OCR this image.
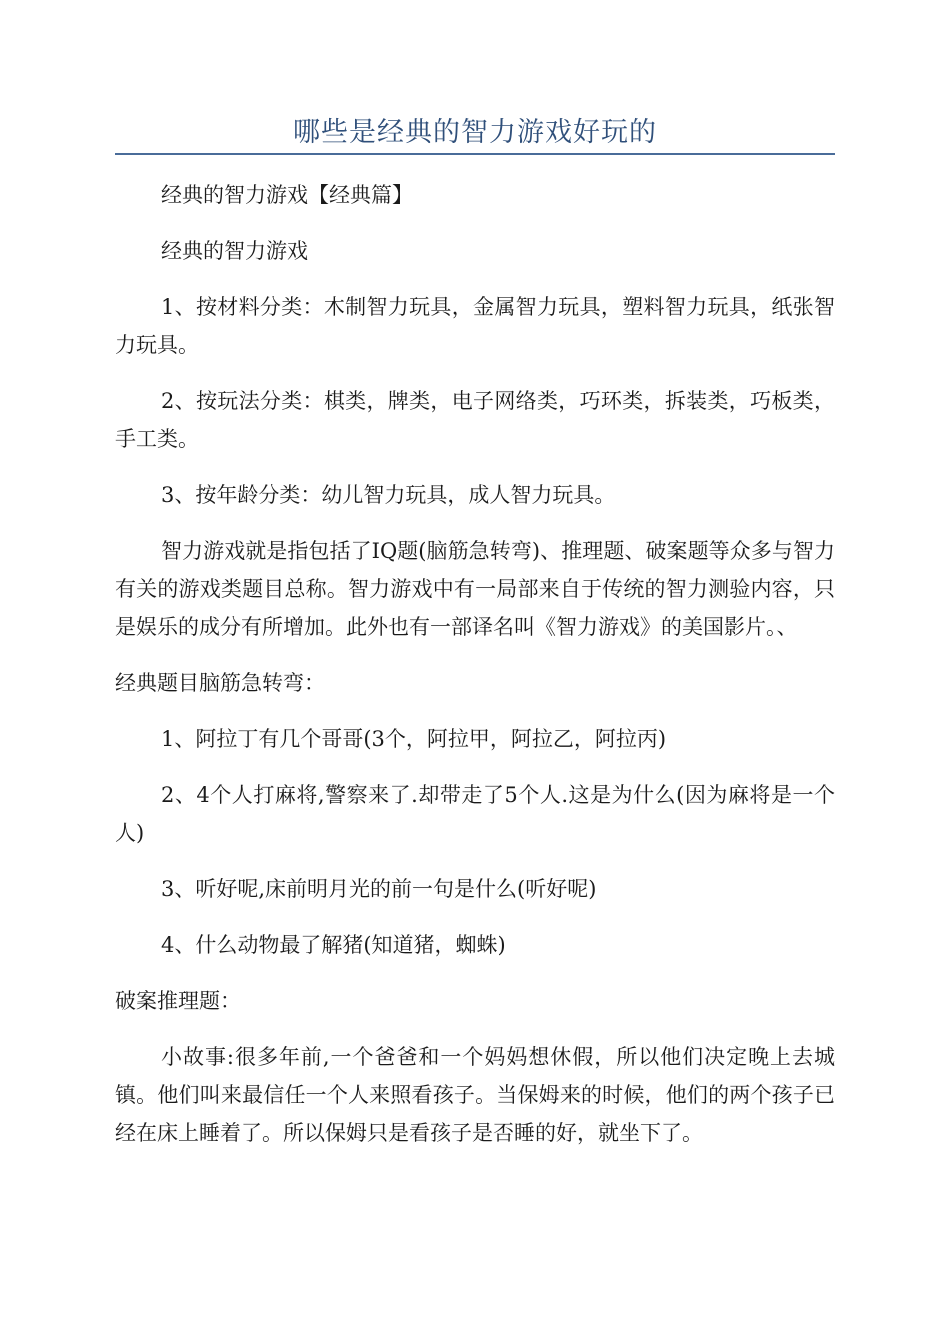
哪些是经典的智力游戏好玩的

经典的智力游戏【经典篇】

经典的智力游戏

1、按材料分类：木制智力玩具，金属智力玩具，塑料智力玩具，纸张智力玩具。

2、按玩法分类：棋类，牌类，电子网络类，巧环类，拆装类，巧板类，手工类。

3、按年龄分类：幼儿智力玩具，成人智力玩具。

智力游戏就是指包括了IQ题(脑筋急转弯)、推理题、破案题等众多与智力有关的游戏类题目总称。智力游戏中有一局部来自于传统的智力测验内容，只是娱乐的成分有所增加。此外也有一部译名叫《智力游戏》的美国影片。、

经典题目脑筋急转弯：

1、阿拉丁有几个哥哥(3个，阿拉甲，阿拉乙，阿拉丙)

2、4个人打麻将,警察来了.却带走了5个人.这是为什么(因为麻将是一个人)

3、听好呢,床前明月光的前一句是什么(听好呢)

4、什么动物最了解猪(知道猪，蜘蛛)

破案推理题：

小故事:很多年前,一个爸爸和一个妈妈想休假，所以他们决定晚上去城镇。他们叫来最信任一个人来照看孩子。当保姆来的时候，他们的两个孩子已经在床上睡着了。所以保姆只是看孩子是否睡的好，就坐下了。
